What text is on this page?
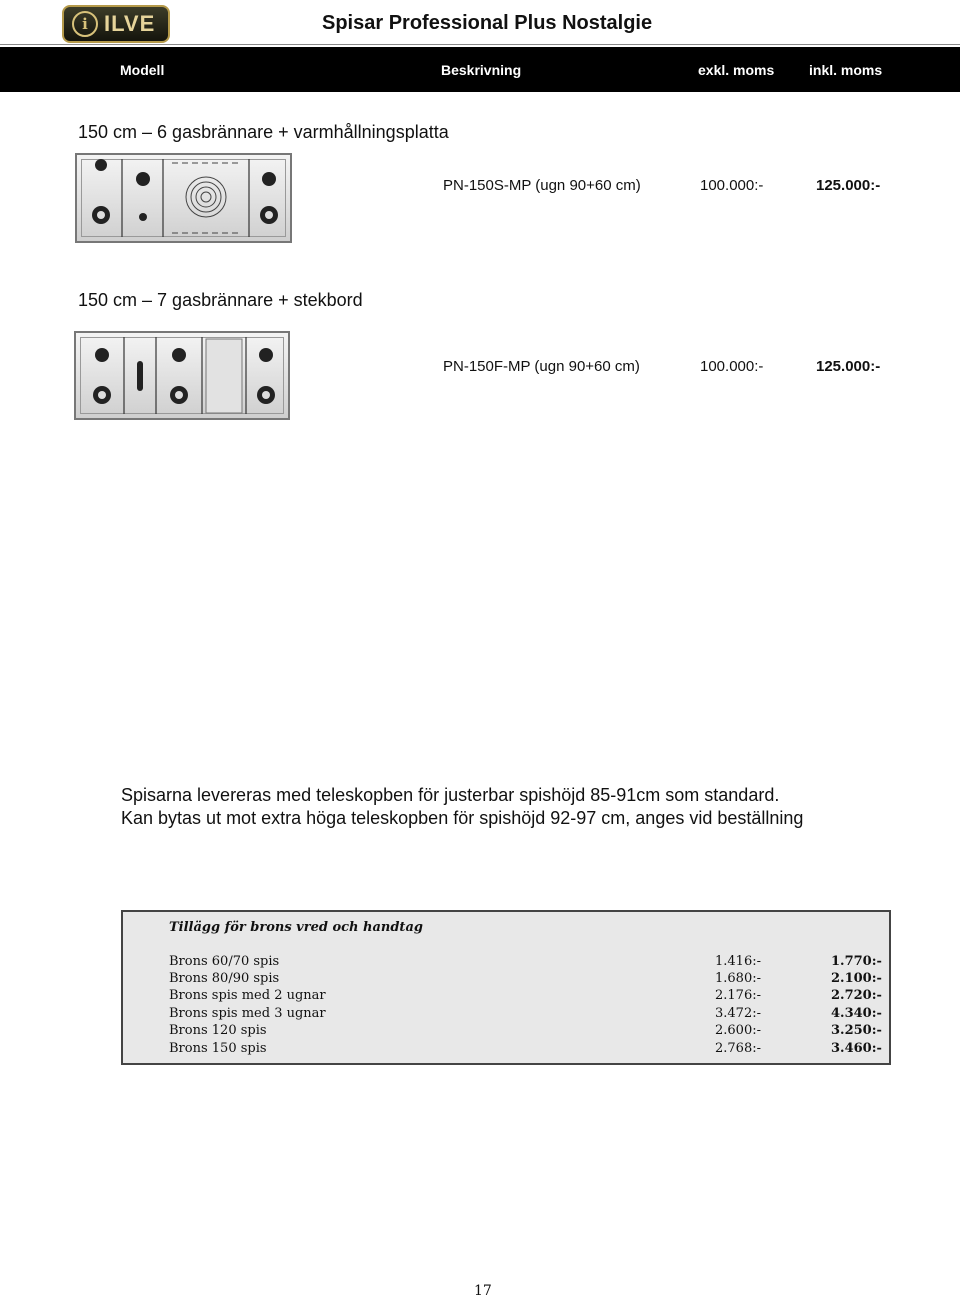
i ILVE	Spisar Professional Plus Nostalgie
Modell	Beskrivning	exkl. moms inkl. moms
150 cm – 6 gasbrännare + varmhållningsplatta
PN-150S-MP (ugn 90+60 cm)	100.000:-	125.000:-
150 cm – 7 gasbrännare + stekbord
PN-150F-MP (ugn 90+60 cm)	100.000:-	125.000:-
Spisarna levereras med teleskopben för justerbar spishöjd 85-91cm som standard.
Kan bytas ut mot extra höga teleskopben för spishöjd 92-97 cm, anges vid beställning
Tillägg för brons vred och handtag
Brons 60/70 spis	1.416:-	1.770:-
Brons 80/90 spis	1.680:-	2.100:-
Brons spis med 2 ugnar	2.176:-	2.720:-
Brons spis med 3 ugnar	3.472:-	4.340:-
Brons 120 spis	2.600:-	3.250:-
Brons 150 spis	2.768:-	3.460:-
17
